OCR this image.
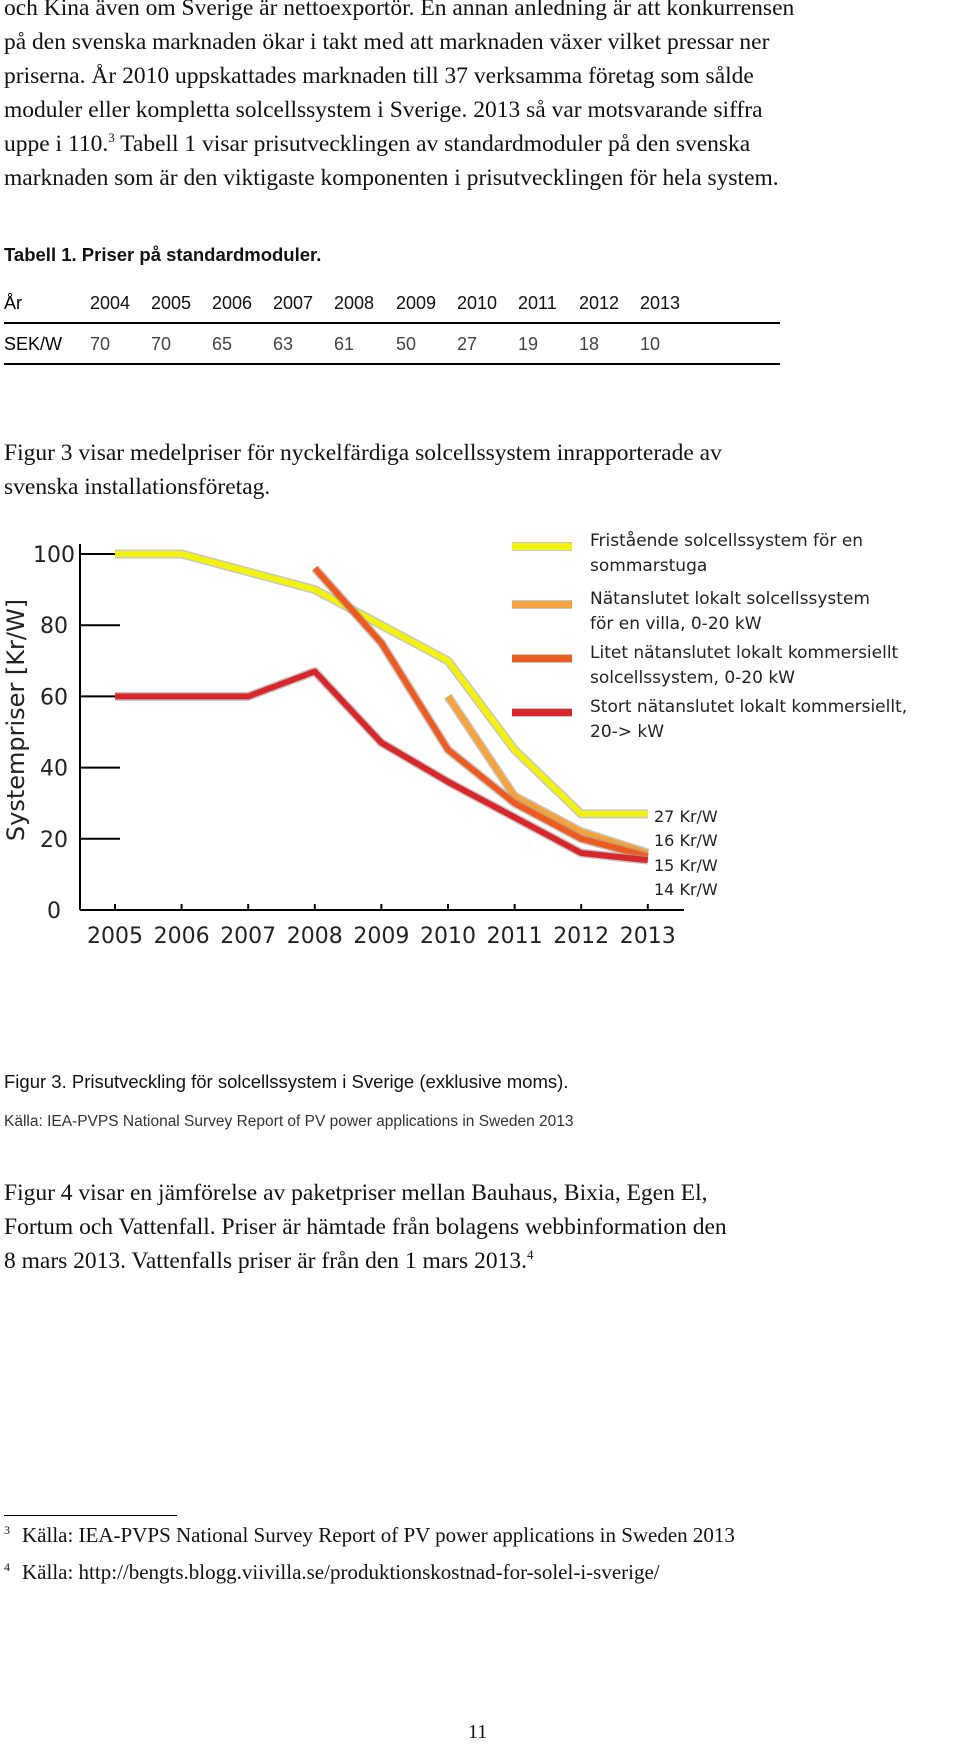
och Kina även om Sverige är nettoexportör. En annan anledning är att konkurrensen
på den svenska marknaden ökar i takt med att marknaden växer vilket pressar ner
priserna. År 2010 uppskattades marknaden till 37 verksamma företag som sålde
moduler eller kompletta solcellssystem i Sverige. 2013 så var motsvarande siffra
uppe i 110.$^3$ Tabell 1 visar prisutvecklingen av standardmoduler på den svenska
marknaden som är den viktigaste komponenten i prisutvecklingen för hela system.
Tabell 1. Priser på standardmoduler.
År	2004 2005 2006 2007 2008 2009 2010 2011 2012 2013
SEK/W 70 70 65 63 61 50 27 19 18 10
Figur 3 visar medelpriser för nyckelfärdiga solcellssystem inrapporterade av
svenska installationsföretag.
0
20
40
60
80
100
2005 2006 2007 2008 2009 2010 2011 2012 2013
Systempriser [Kr/W]
Fristående solcellssystem för en
sommarstuga
Nätanslutet lokalt solcellssystem
för en villa, 0-20 kW
Litet nätanslutet lokalt kommersiellt
solcellssystem, 0-20 kW
Stort nätanslutet lokalt kommersiellt,
20-> kW
27 Kr/W
16 Kr/W
15 Kr/W
14 Kr/W
Figur 3. Prisutveckling för solcellssystem i Sverige (exklusive moms).
Källa: IEA-PVPS National Survey Report of PV power applications in Sweden 2013
Figur 4 visar en jämförelse av paketpriser mellan Bauhaus, Bixia, Egen El,
Fortum och Vattenfall. Priser är hämtade från bolagens webbinformation den
8 mars 2013. Vattenfalls priser är från den 1 mars 2013.$^4$
$^3$ Källa: IEA-PVPS National Survey Report of PV power applications in Sweden 2013
$^4$ Källa: http://bengts.blogg.viivilla.se/produktionskostnad-for-solel-i-sverige/
11
